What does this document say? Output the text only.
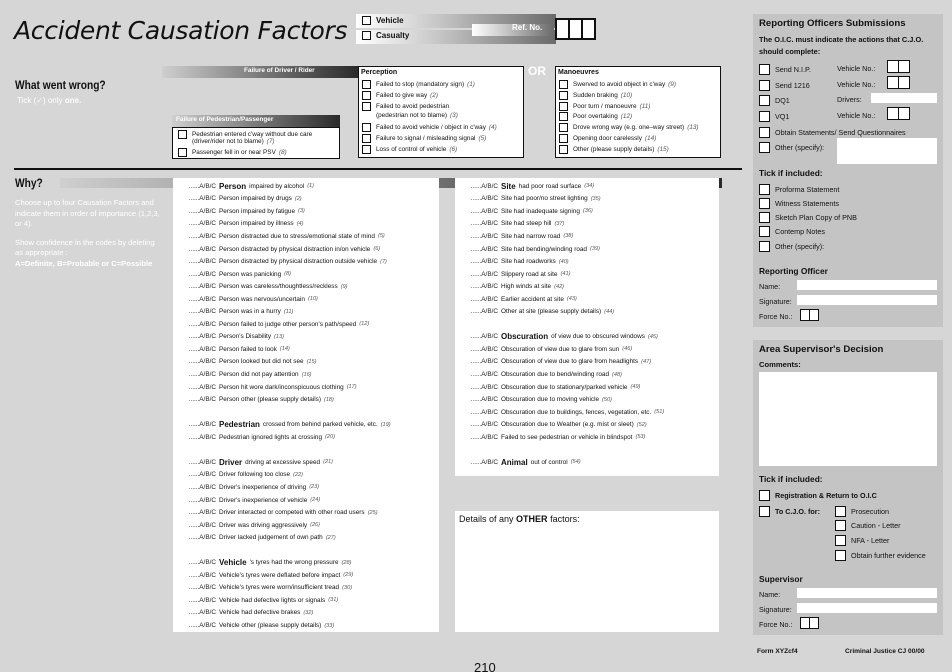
Accident Causation Factors	Vehicle
Casualty
Ref. No.
What went wrong?
Tick (✓) only one.
Failure of Driver / Rider
Failure of Pedestrian/Passenger
Pedestrian entered c'way without due care
(driver/rider not to blame) (7)
Passenger fell in or near PSV (8)
Perception
Failed to stop (mandatory sign) (1)
Failed to give way (2)
Failed to avoid pedestrian
(pedestrian not to blame) (3)
Failed to avoid vehicle / object in c'way (4)
Failure to signal / misleading signal (5)
Loss of control of vehicle (6)
OR Manoeuvres
Swerved to avoid object in c'way (9)
Sudden braking (10)
Poor turn / manoeuvre (11)
Poor overtaking (12)
Drove wrong way (e.g. one–way street) (13)
Opening door carelessly (14)
Other (please supply details) (15)
Why?
Choose up to four Causation Factors and indicate them in order of importance (1,2,3, or 4).
Show confidence in the codes by deleting as appropriate :
A=Definite, B=Probable or C=Possible
......A/B/C Person impaired by alcohol (1)
......A/B/C Person impaired by drugs (2)
......A/B/C Person impaired by fatigue (3)
......A/B/C Person impaired by illness (4)
......A/B/C Person distracted due to stress/emotional state of mind (5)
......A/B/C Person distracted by physical distraction in/on vehicle (6)
......A/B/C Person distracted by physical distraction outside vehicle (7)
......A/B/C Person was panicking (8)
......A/B/C Person was careless/thoughtless/reckless (9)
......A/B/C Person was nervous/uncertain (10)
......A/B/C Person was in a hurry (11)
......A/B/C Person failed to judge other person's path/speed (12)
......A/B/C Person's Disability (13)
......A/B/C Person failed to look (14)
......A/B/C Person looked but did not see (15)
......A/B/C Person did not pay attention (16)
......A/B/C Person hit wore dark/inconspicuous clothing (17)
......A/B/C Person other (please supply details) (18)
......A/B/C Pedestrian crossed from behind parked vehicle, etc. (19)
......A/B/C Pedestrian ignored lights at crossing (20)
......A/B/C Driver driving at excessive speed (21)
......A/B/C Driver following too close (22)
......A/B/C Driver's inexperience of driving (23)
......A/B/C Driver's inexperience of vehicle (24)
......A/B/C Driver interacted or competed with other road users (25)
......A/B/C Driver was driving aggressively (26)
......A/B/C Driver lacked judgement of own path (27)
......A/B/C Vehicle 's tyres had the wrong pressure (28)
......A/B/C Vehicle's tyres were deflated before impact (29)
......A/B/C Vehicle's tyres were worn/insufficient tread (30)
......A/B/C Vehicle had defective lights or signals (31)
......A/B/C Vehicle had defective brakes (32)
......A/B/C Vehicle other (please supply details) (33)
......A/B/C Site had poor road surface (34)
......A/B/C Site had poor/no street lighting (35)
......A/B/C Site had inadequate signing (36)
......A/B/C Site had steep hill (37)
......A/B/C Site had narrow road (38)
......A/B/C Site had bending/winding road (39)
......A/B/C Site had roadworks (40)
......A/B/C Slippery road at site (41)
......A/B/C High winds at site (42)
......A/B/C Earlier accident at site (43)
......A/B/C Other at site (please supply details) (44)
......A/B/C Obscuration of view due to obscured windows (45)
......A/B/C Obscuration of view due to glare from sun (46)
......A/B/C Obscuration of view due to glare from headlights (47)
......A/B/C Obscuration due to bend/winding road (48)
......A/B/C Obscuration due to stationary/parked vehicle (49)
......A/B/C Obscuration due to moving vehicle (50)
......A/B/C Obscuration due to buildings, fences, vegetation, etc. (51)
......A/B/C Obscuration due to Weather (e.g. mist or sleet) (52)
......A/B/C Failed to see pedestrian or vehicle in blindspot (53)
......A/B/C Animal out of control (54)
Details of any OTHER factors:
Reporting Officers Submissions
The O.I.C. must indicate the actions that C.J.O. should complete:
Send N.I.P.	Vehicle No.:
Send 1216	Vehicle No.:
DQ1	Drivers:
VQ1	Vehicle No.:
Obtain Statements/ Send Questionnaires
Other (specify):
Tick if included:
Proforma Statement
Witness Statements
Sketch Plan Copy of PNB
Contemp Notes
Other (specify):
Reporting Officer
Name:
Signature:
Force No.:
Area Supervisor's Decision
Comments:
Tick if included:
Registration & Return to O.I.C
To C.J.O. for:	Prosecution
Caution - Letter
NFA - Letter
Obtain further evidence
Supervisor
Name:
Signature:
Force No.:
Form XYZcf4	Criminal Justice CJ 00/00
210
